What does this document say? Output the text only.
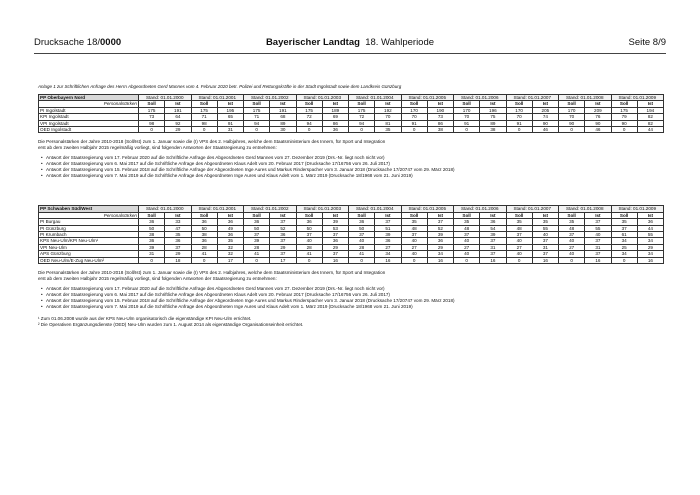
Drucksache 18/0000	Bayerischer Landtag 18. Wahlperiode	Seite 8/9

Anlage 1 zur Schriftlichen Anfrage des Herrn Abgeordneten Gerd Mannes vom 4. Februar 2020 betr. Polizei und Rettungskräfte in der Stadt Ingolstadt sowie dem Landkreis Günzburg

PP Oberbayern Nord	Stand: 01.01.2000		Stand: 01.01.2001		Stand: 01.01.2002		Stand: 01.01.2003		Stand: 01.01.2004		Stand: 01.01.2005		Stand: 01.01.2006		Stand: 01.01.2007		Stand: 01.01.2008		Stand: 01.01.2009	
Personalstärken	Soll	Ist	Soll	Ist	Soll	Ist	Soll	Ist	Soll	Ist	Soll	Ist	Soll	Ist	Soll	Ist	Soll	Ist	Soll	Ist
PI Ingolstadt	175	191	175	195	175	191	175	189	175	192	170	190	170	196	170	205	170	209	175	194
KPI Ingolstadt	73	64	71	65	71	68	72	69	72	70	70	73	70	75	70	74	70	76	79	82
VPI Ingolstadt	98	92	98	91	94	89	94	86	94	81	91	86	91	89	91	90	90	90	90	82
OED Ingolstadt	0	29	0	31	0	30	0	36	0	35	0	38	0	38	0	46	0	46	0	44

Die Personalstärken der Jahre 2010-2018 (Soll/Ist) zum 1. Januar sowie die (I) VPS des 2. Halbjahres, welche dem Staatsministerium des Innern, für Sport und Integration

erst ab dem zweiten Halbjahr 2015 regelmäßig vorliegt, sind folgenden Antworten der Staatsregierung zu entnehmen:

• Antwort der Staatsregierung vom 17. Februar 2020 auf die Schriftliche Anfrage des Abgeordneten Gerd Mannes vom 27. Dezember 2019 (Drs.-Nr. liegt noch nicht vor)
• Antwort der Staatsregierung vom 6. Mai 2017 auf die Schriftliche Anfrage des Abgeordneten Klaus Adelt vom 20. Februar 2017 (Drucksache 17/16756 vom 26. Juli 2017)
• Antwort der Staatsregierung vom 15. Februar 2018 auf die Schriftliche Anfrage der Abgeordneten Inge Aures und Markus Rinderspacher vom 3. Januar 2018 (Drucksache 17/20747 vom 29. März 2018)
• Antwort der Staatsregierung vom 7. Mai 2019 auf die Schriftliche Anfrage des Abgeordneten Inge Aures und Klaus Adelt vom 1. März 2019 (Drucksache 18/1968 vom 21. Juni 2019)
PP Schwaben Süd/West	Stand: 01.01.2000		Stand: 01.01.2001		Stand: 01.01.2002		Stand: 01.01.2003		Stand: 01.01.2004		Stand: 01.01.2005		Stand: 01.01.2006		Stand: 01.01.2007		Stand: 01.01.2008		Stand: 01.01.2009	
Personalstärken	Soll	Ist	Soll	Ist	Soll	Ist	Soll	Ist	Soll	Ist	Soll	Ist	Soll	Ist	Soll	Ist	Soll	Ist	Soll	Ist
PI Burgau	36	33	36	36	36	37	36	39	36	37	35	37	35	36	35	35	35	37	35	36
PI Günzburg	50	47	50	49	50	52	50	53	50	51	48	52	48	54	48	55	48	55	37	44
PI Krumbach	38	35	38	36	37	36	37	37	37	39	37	39	37	39	37	40	37	40	61	55
KPS Neu-Ulm/KPI Neu-Ulm¹	36	36	36	35	39	37	40	36	40	36	40	36	40	37	40	37	40	37	34	34
VPI Neu-Ulm	39	37	28	32	28	29	28	29	28	27	27	29	27	31	27	31	27	31	25	29
APS Günzburg	31	29	41	32	41	37	41	37	41	34	40	34	40	37	40	37	40	37	34	34
OED Neu-Ulm/E-Zug Neu-Ulm²	0	18	0	17	0	17	0	16	0	16	0	16	0	16	0	16	0	16	0	16

Die Personalstärken der Jahre 2010-2018 (Soll/Ist) zum 1. Januar sowie die (I) VPS des 2. Halbjahres, welche dem Staatsministerium des Innern, für Sport und Integration

erst ab dem zweiten Halbjahr 2015 regelmäßig vorliegt, sind folgenden Antworten der Staatsregierung zu entnehmen:

• Antwort der Staatsregierung vom 17. Februar 2020 auf die Schriftliche Anfrage des Abgeordneten Gerd Mannes vom 27. Dezember 2019 (Drs.-Nr. liegt noch nicht vor)
• Antwort der Staatsregierung vom 6. Mai 2017 auf die Schriftliche Anfrage des Abgeordneten Klaus Adelt vom 20. Februar 2017 (Drucksache 17/16756 vom 26. Juli 2017)
• Antwort der Staatsregierung vom 15. Februar 2018 auf die Schriftliche Anfrage der Abgeordneten Inge Aures und Markus Rinderspacher vom 3. Januar 2018 (Drucksache 17/20747 vom 29. März 2018)
• Antwort der Staatsregierung vom 7. Mai 2019 auf die Schriftliche Anfrage des Abgeordneten Inge Aures und Klaus Adelt vom 1. März 2019 (Drucksache 18/1968 vom 21. Juni 2019)

¹ Zum 01.06.2008 wurde aus der KPS Neu-Ulm organisatorisch die eigenständige KPI Neu-Ulm errichtet.

² Die Operativen Ergänzungsdienste (OED) Neu-Ulm wurden zum 1. August 2014 als eigenständige Organisationseinheit errichtet.
